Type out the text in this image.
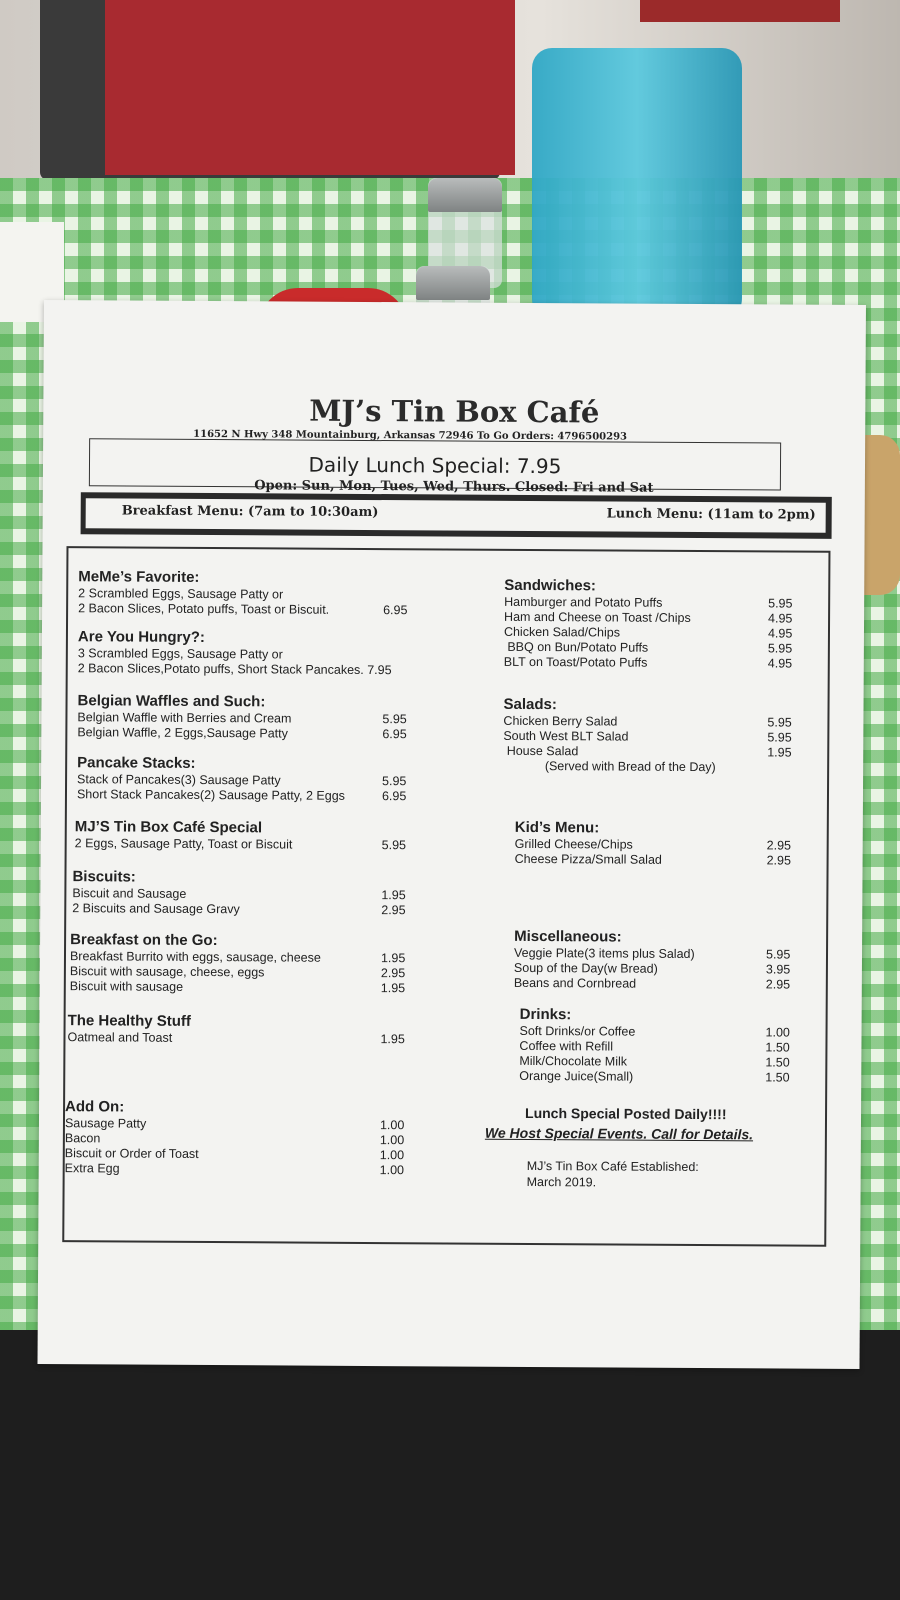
MJ’s Tin Box Café
11652 N Hwy 348 Mountainburg, Arkansas 72946 To Go Orders: 4796500293
Daily Lunch Special: 7.95
Open: Sun, Mon, Tues, Wed, Thurs. Closed: Fri and Sat
Breakfast Menu: (7am to 10:30am)	Lunch Menu: (11am to 2pm)
MeMe’s Favorite:
2 Scrambled Eggs, Sausage Patty or
2 Bacon Slices, Potato puffs, Toast or Biscuit.	6.95
Are You Hungry?:
3 Scrambled Eggs, Sausage Patty or
2 Bacon Slices,Potato puffs, Short Stack Pancakes. 7.95
Belgian Waffles and Such:
Belgian Waffle with Berries and Cream	5.95
Belgian Waffle, 2 Eggs,Sausage Patty	6.95
Pancake Stacks:
Stack of Pancakes(3) Sausage Patty	5.95
Short Stack Pancakes(2) Sausage Patty, 2 Eggs	6.95
MJ’S Tin Box Café Special
2 Eggs, Sausage Patty, Toast or Biscuit	5.95
Biscuits:
Biscuit and Sausage	1.95
2 Biscuits and Sausage Gravy	2.95
Breakfast on the Go:
Breakfast Burrito with eggs, sausage, cheese	1.95
Biscuit with sausage, cheese, eggs	2.95
Biscuit with sausage	1.95
The Healthy Stuff
Oatmeal and Toast	1.95
Add On:
Sausage Patty	1.00
Bacon	1.00
Biscuit or Order of Toast	1.00
Extra Egg	1.00
Sandwiches:
Hamburger and Potato Puffs	5.95
Ham and Cheese on Toast /Chips	4.95
Chicken Salad/Chips	4.95
BBQ on Bun/Potato Puffs	5.95
BLT on Toast/Potato Puffs	4.95
Salads:
Chicken Berry Salad	5.95
South West BLT Salad	5.95
House Salad	1.95
(Served with Bread of the Day)
Kid’s Menu:
Grilled Cheese/Chips	2.95
Cheese Pizza/Small Salad	2.95
Miscellaneous:
Veggie Plate(3 items plus Salad)	5.95
Soup of the Day(w Bread)	3.95
Beans and Cornbread	2.95
Drinks:
Soft Drinks/or Coffee	1.00
Coffee with Refill	1.50
Milk/Chocolate Milk	1.50
Orange Juice(Small)	1.50
Lunch Special Posted Daily!!!!
We Host Special Events. Call for Details.
MJ’s Tin Box Café Established:
March 2019.
